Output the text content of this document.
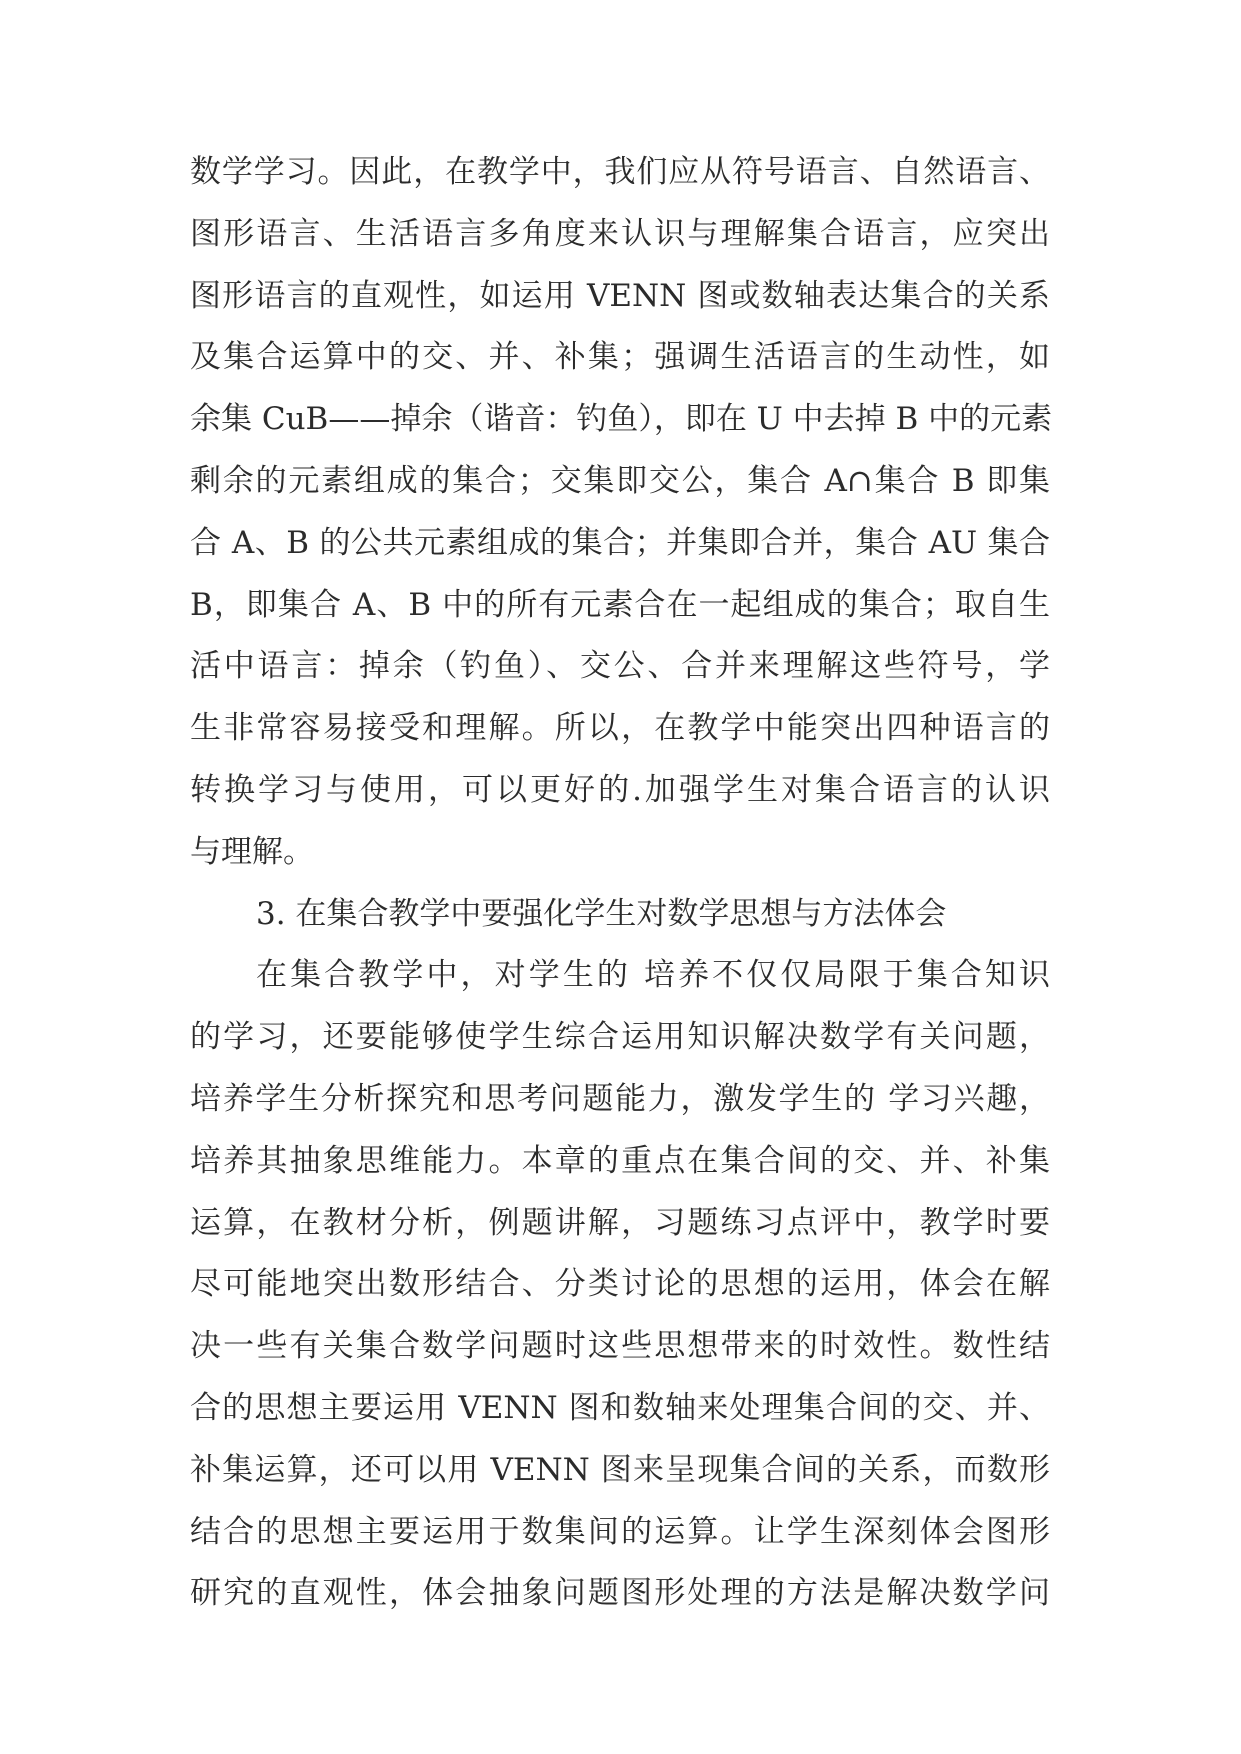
数学学习。因此，在教学中，我们应从符号语言、自然语言、
图形语言、生活语言多角度来认识与理解集合语言，应突出
图形语言的直观性，如运用 VENN 图或数轴表达集合的关系
及集合运算中的交、并、补集；强调生活语言的生动性，如
余集 CuB——掉余（谐音：钓鱼），即在 U 中去掉 B 中的元素
剩余的元素组成的集合；交集即交公，集合 A∩集合 B 即集
合 A、B 的公共元素组成的集合；并集即合并，集合 AU 集合
B，即集合 A、B 中的所有元素合在一起组成的集合；取自生
活中语言：掉余（钓鱼）、交公、合并来理解这些符号，学
生非常容易接受和理解。所以，在教学中能突出四种语言的
转换学习与使用，可以更好的.加强学生对集合语言的认识
与理解。
3. 在集合教学中要强化学生对数学思想与方法体会
在集合教学中，对学生的 培养不仅仅局限于集合知识
的学习，还要能够使学生综合运用知识解决数学有关问题，
培养学生分析探究和思考问题能力，激发学生的 学习兴趣，
培养其抽象思维能力。本章的重点在集合间的交、并、补集
运算，在教材分析，例题讲解，习题练习点评中，教学时要
尽可能地突出数形结合、分类讨论的思想的运用，体会在解
决一些有关集合数学问题时这些思想带来的时效性。数性结
合的思想主要运用 VENN 图和数轴来处理集合间的交、并、
补集运算，还可以用 VENN 图来呈现集合间的关系，而数形
结合的思想主要运用于数集间的运算。让学生深刻体会图形
研究的直观性，体会抽象问题图形处理的方法是解决数学问
